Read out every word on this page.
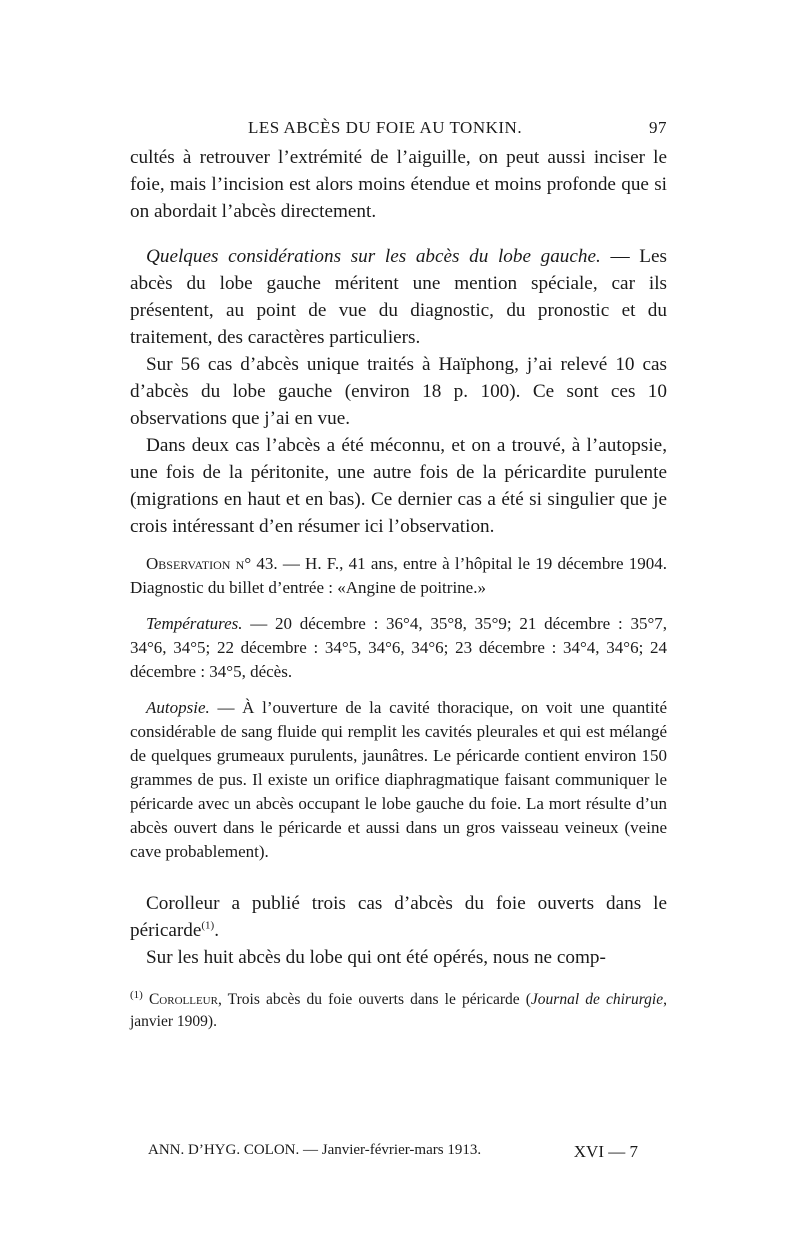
LES ABCÈS DU FOIE AU TONKIN.	97

cultés à retrouver l’extrémité de l’aiguille, on peut aussi inciser le foie, mais l’incision est alors moins étendue et moins profonde que si on abordait l’abcès directement.

Quelques considérations sur les abcès du lobe gauche. — Les abcès du lobe gauche méritent une mention spéciale, car ils présentent, au point de vue du diagnostic, du pronostic et du traitement, des caractères particuliers.

Sur 56 cas d’abcès unique traités à Haïphong, j’ai relevé 10 cas d’abcès du lobe gauche (environ 18 p. 100). Ce sont ces 10 observations que j’ai en vue.

Dans deux cas l’abcès a été méconnu, et on a trouvé, à l’autopsie, une fois de la péritonite, une autre fois de la péricardite purulente (migrations en haut et en bas). Ce dernier cas a été si singulier que je crois intéressant d’en résumer ici l’observation.

Observation n° 43. — H. F., 41 ans, entre à l’hôpital le 19 décembre 1904. Diagnostic du billet d’entrée : «Angine de poitrine.»

Températures. — 20 décembre : 36°4, 35°8, 35°9; 21 décembre : 35°7, 34°6, 34°5; 22 décembre : 34°5, 34°6, 34°6; 23 décembre : 34°4, 34°6; 24 décembre : 34°5, décès.

Autopsie. — À l’ouverture de la cavité thoracique, on voit une quantité considérable de sang fluide qui remplit les cavités pleurales et qui est mélangé de quelques grumeaux purulents, jaunâtres. Le péricarde contient environ 150 grammes de pus. Il existe un orifice diaphragmatique faisant communiquer le péricarde avec un abcès occupant le lobe gauche du foie. La mort résulte d’un abcès ouvert dans le péricarde et aussi dans un gros vaisseau veineux (veine cave probablement).

Corolleur a publié trois cas d’abcès du foie ouverts dans le péricarde$^{(1)}$.

Sur les huit abcès du lobe qui ont été opérés, nous ne comp-

$^{(1)}$ Corolleur, Trois abcès du foie ouverts dans le péricarde (Journal de chirurgie, janvier 1909).

ANN. D’HYG. COLON. — Janvier-février-mars 1913.	XVI — 7
